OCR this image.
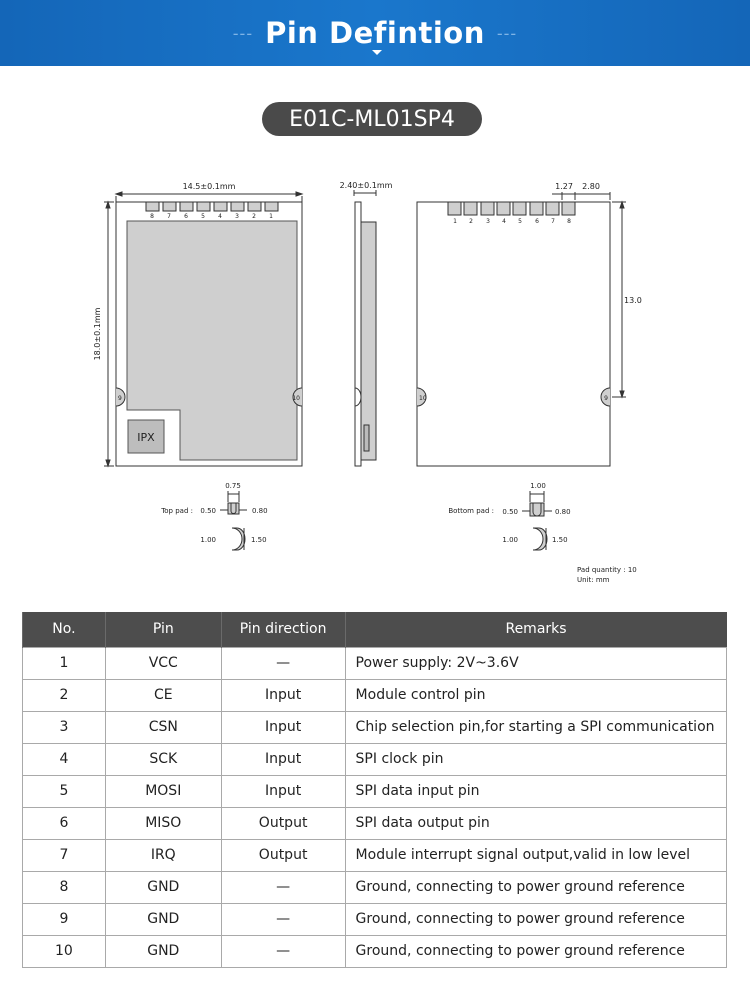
--- Pin Defintion ---
E01C-ML01SP4
14.5±0.1mm
18.0±0.1mm
IPX
8 7 6 5 4 3 2 1
9	10
2.40±0.1mm	1.27 2.80
13.0
1 2 3 4 5 6 7 8
10	9
Top pad :
0.75
0.50	0.80
1.00	1.50
Bottom pad :
1.00
0.50	0.80
1.00	1.50
Pad quantity : 10
Unit: mm
No.	Pin	Pin direction	Remarks
1	VCC	—	Power supply: 2V~3.6V
2	CE	Input	Module control pin
3	CSN	Input	Chip selection pin,for starting a SPI communication
4	SCK	Input	SPI clock pin
5	MOSI	Input	SPI data input pin
6	MISO	Output	SPI data output pin
7	IRQ	Output	Module interrupt signal output,valid in low level
8	GND	—	Ground, connecting to power ground reference
9	GND	—	Ground, connecting to power ground reference
10	GND	—	Ground, connecting to power ground reference
